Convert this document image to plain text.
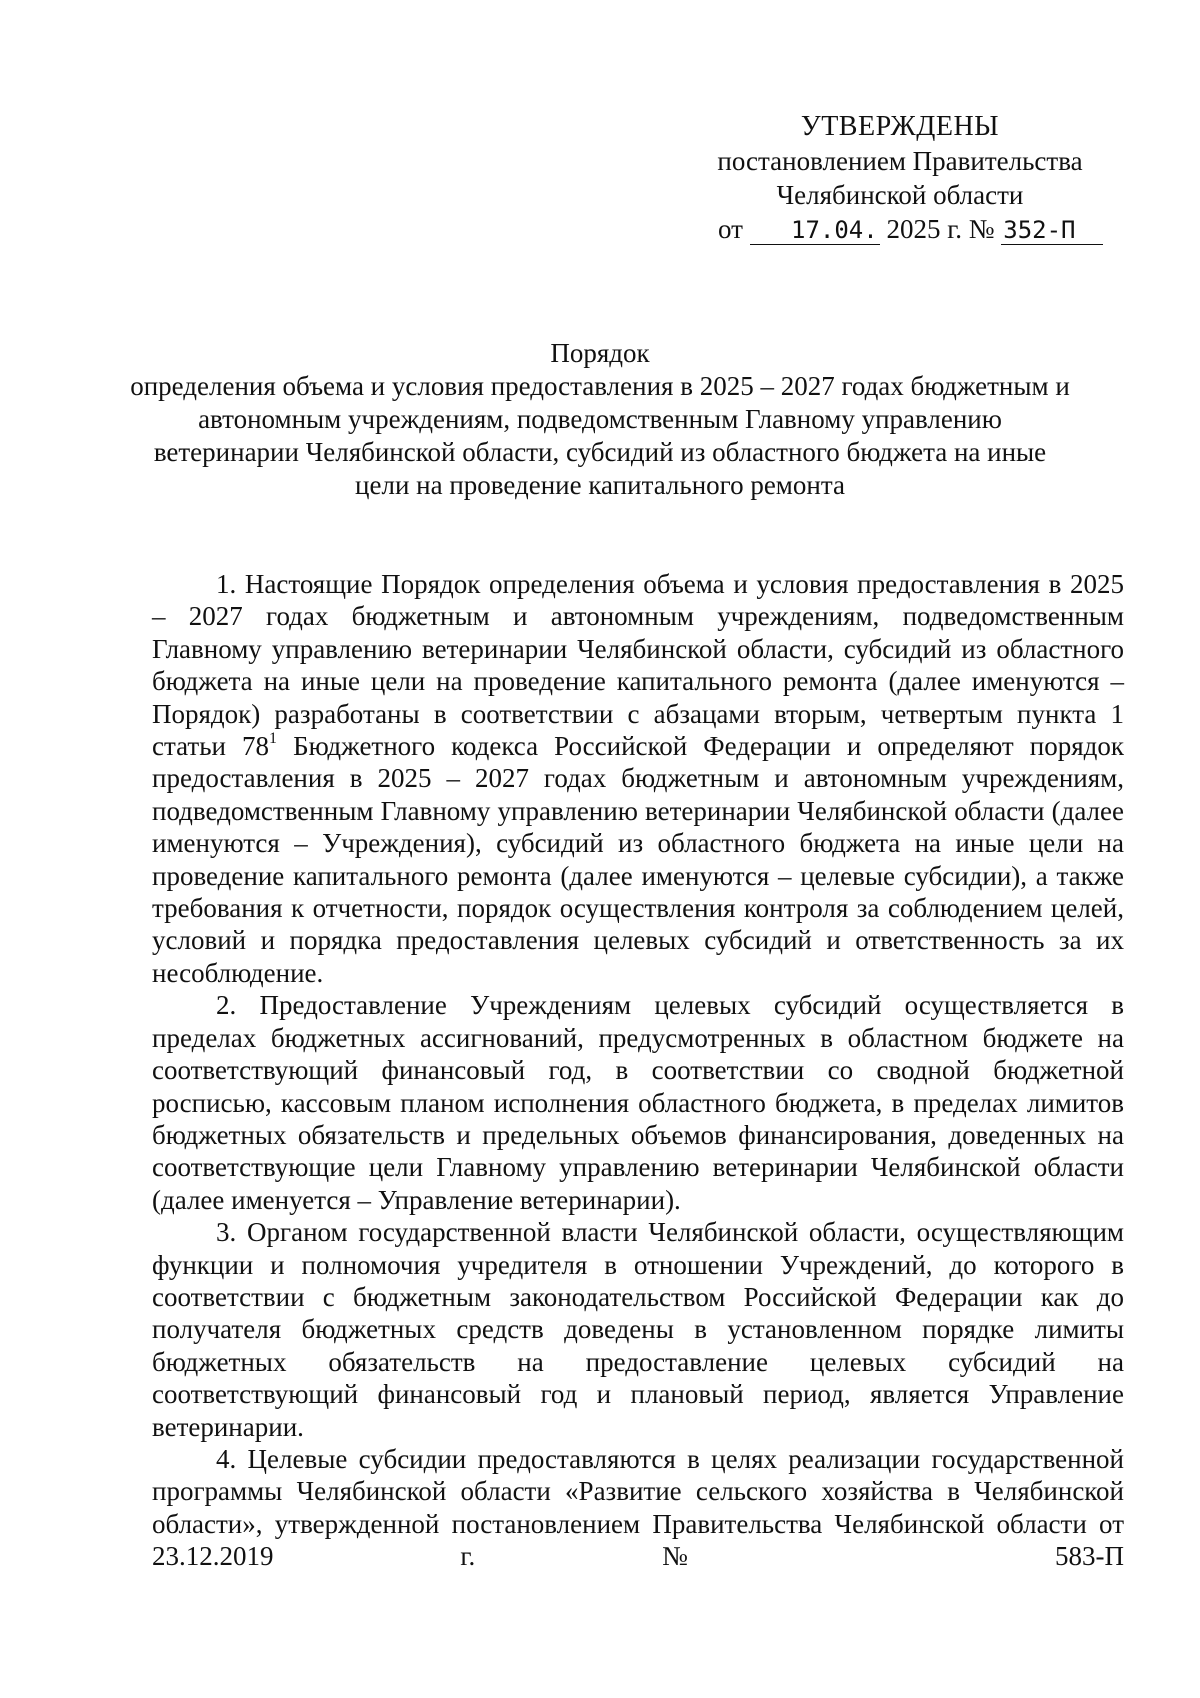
УТВЕРЖДЕНЫ
постановлением Правительства
Челябинской области
от 17.04. 2025 г. № 352-П
Порядок
определения объема и условия предоставления в 2025 – 2027 годах бюджетным и автономным учреждениям, подведомственным Главному управлению ветеринарии Челябинской области, субсидий из областного бюджета на иные цели на проведение капитального ремонта

1. Настоящие Порядок определения объема и условия предоставления в 2025 – 2027 годах бюджетным и автономным учреждениям, подведомственным Главному управлению ветеринарии Челябинской области, субсидий из областного бюджета на иные цели на проведение капитального ремонта (далее именуются – Порядок) разработаны в соответствии с абзацами вторым, четвертым пункта 1 статьи $78^1$ Бюджетного кодекса Российской Федерации и определяют порядок предоставления в 2025 – 2027 годах бюджетным и автономным учреждениям, подведомственным Главному управлению ветеринарии Челябинской области (далее именуются – Учреждения), субсидий из областного бюджета на иные цели на проведение капитального ремонта (далее именуются – целевые субсидии), а также требования к отчетности, порядок осуществления контроля за соблюдением целей, условий и порядка предоставления целевых субсидий и ответственность за их несоблюдение.

2. Предоставление Учреждениям целевых субсидий осуществляется в пределах бюджетных ассигнований, предусмотренных в областном бюджете на соответствующий финансовый год, в соответствии со сводной бюджетной росписью, кассовым планом исполнения областного бюджета, в пределах лимитов бюджетных обязательств и предельных объемов финансирования, доведенных на соответствующие цели Главному управлению ветеринарии Челябинской области (далее именуется – Управление ветеринарии).

3. Органом государственной власти Челябинской области, осуществляющим функции и полномочия учредителя в отношении Учреждений, до которого в соответствии с бюджетным законодательством Российской Федерации как до получателя бюджетных средств доведены в установленном порядке лимиты бюджетных обязательств на предоставление целевых субсидий на соответствующий финансовый год и плановый период, является Управление ветеринарии.

4. Целевые субсидии предоставляются в целях реализации государственной программы Челябинской области «Развитие сельского хозяйства в Челябинской области», утвержденной постановлением Правительства Челябинской области от 23.12.2019 г. № 583-П
